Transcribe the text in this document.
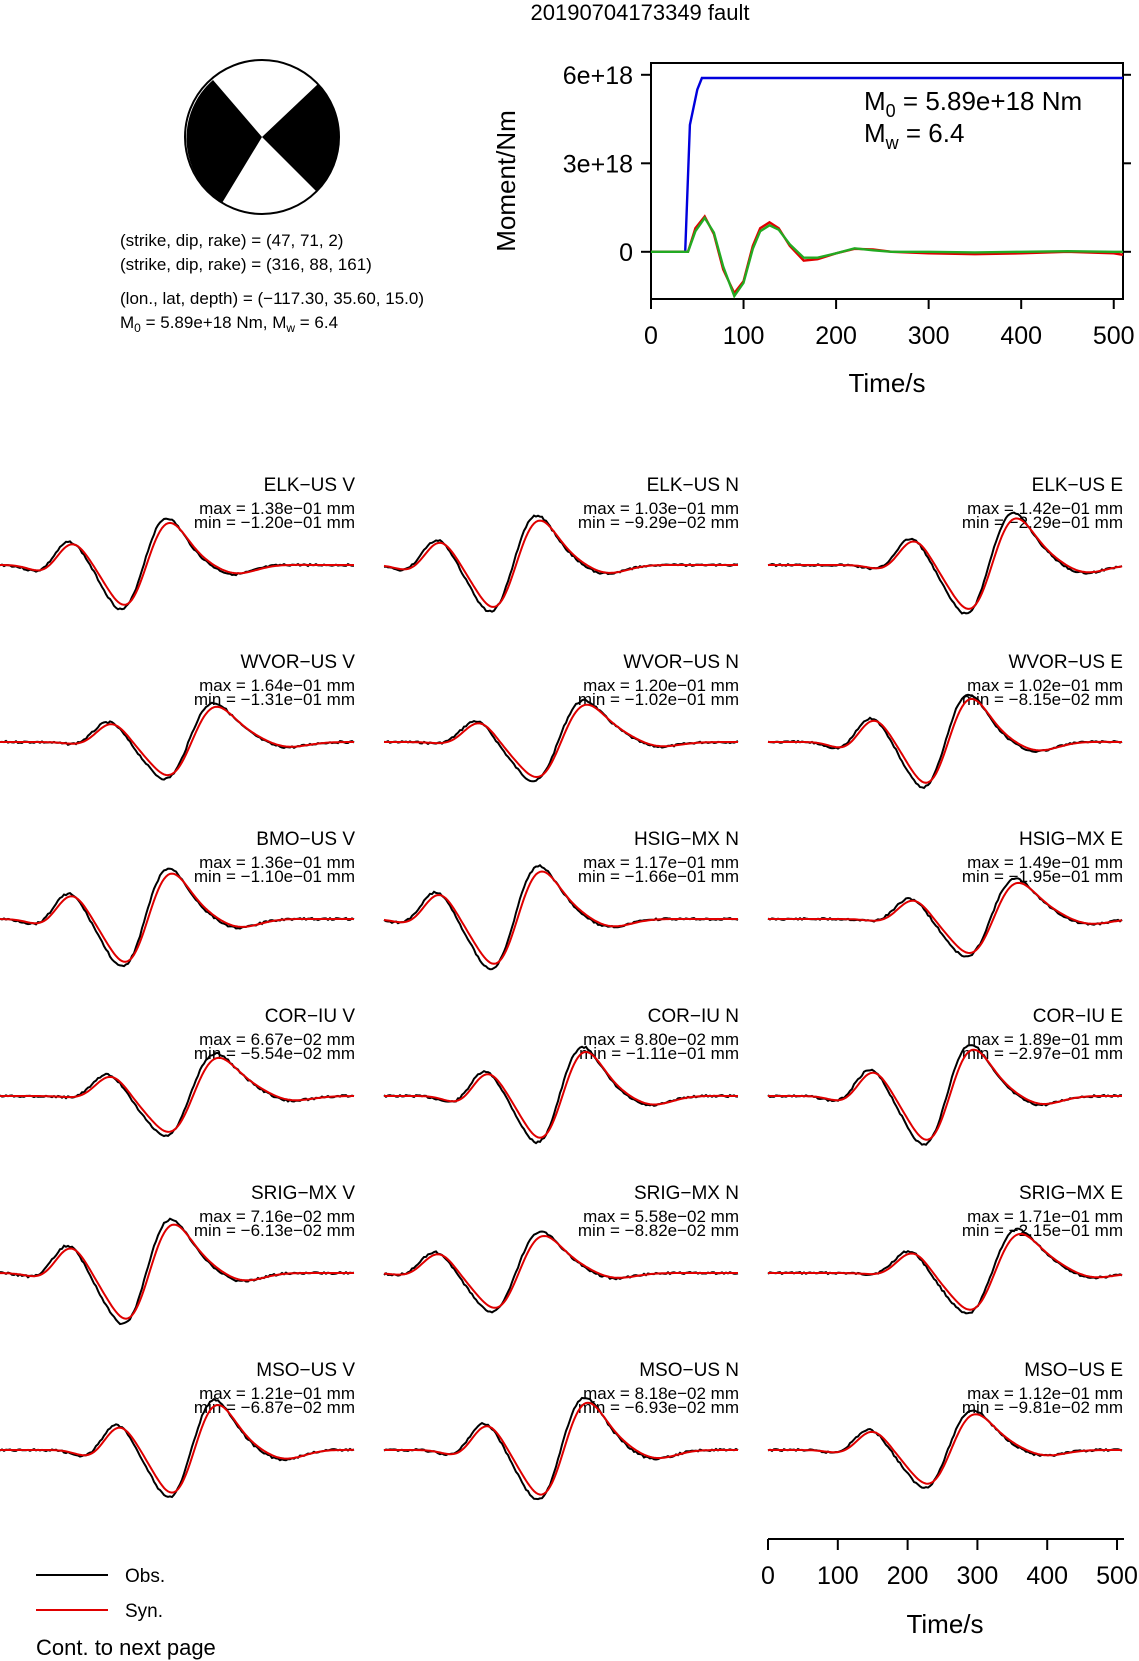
20190704173349 fault
(strike, dip, rake) = (47, 71, 2)
(strike, dip, rake) = (316, 88, 161)
(lon., lat, depth) = (−117.30, 35.60, 15.0)
$M_0 = 5.89e+18$ Nm, $M_w = 6.4$
6e+18
3e+18
0
0	100 200 300 400 500
Moment/Nm
Time/s
$M_0 = 5.89e+18$ Nm
$M_w = 6.4$
ELK−US V
max = 1.38e−01 mm
min = −1.20e−01 mm
ELK−US N
max = 1.03e−01 mm
min = −9.29e−02 mm
ELK−US E
max = 1.42e−01 mm
min = −2.29e−01 mm
WVOR−US V
max = 1.64e−01 mm
min = −1.31e−01 mm
WVOR−US N
max = 1.20e−01 mm
min = −1.02e−01 mm
WVOR−US E
max = 1.02e−01 mm
min = −8.15e−02 mm
BMO−US V
max = 1.36e−01 mm
min = −1.10e−01 mm
HSIG−MX N
max = 1.17e−01 mm
min = −1.66e−01 mm
HSIG−MX E
max = 1.49e−01 mm
min = −1.95e−01 mm
COR−IU V
max = 6.67e−02 mm
min = −5.54e−02 mm
COR−IU N
max = 8.80e−02 mm
min = −1.11e−01 mm
COR−IU E
max = 1.89e−01 mm
min = −2.97e−01 mm
SRIG−MX V
max = 7.16e−02 mm
min = −6.13e−02 mm
SRIG−MX N
max = 5.58e−02 mm
min = −8.82e−02 mm
SRIG−MX E
max = 1.71e−01 mm
min = −2.15e−01 mm
MSO−US V
max = 1.21e−01 mm
min = −6.87e−02 mm
MSO−US N
max = 8.18e−02 mm
min = −6.93e−02 mm
MSO−US E
max = 1.12e−01 mm
min = −9.81e−02 mm
Time/s
0 100 200 300 400 500
Obs.
Syn.
Cont. to next page
